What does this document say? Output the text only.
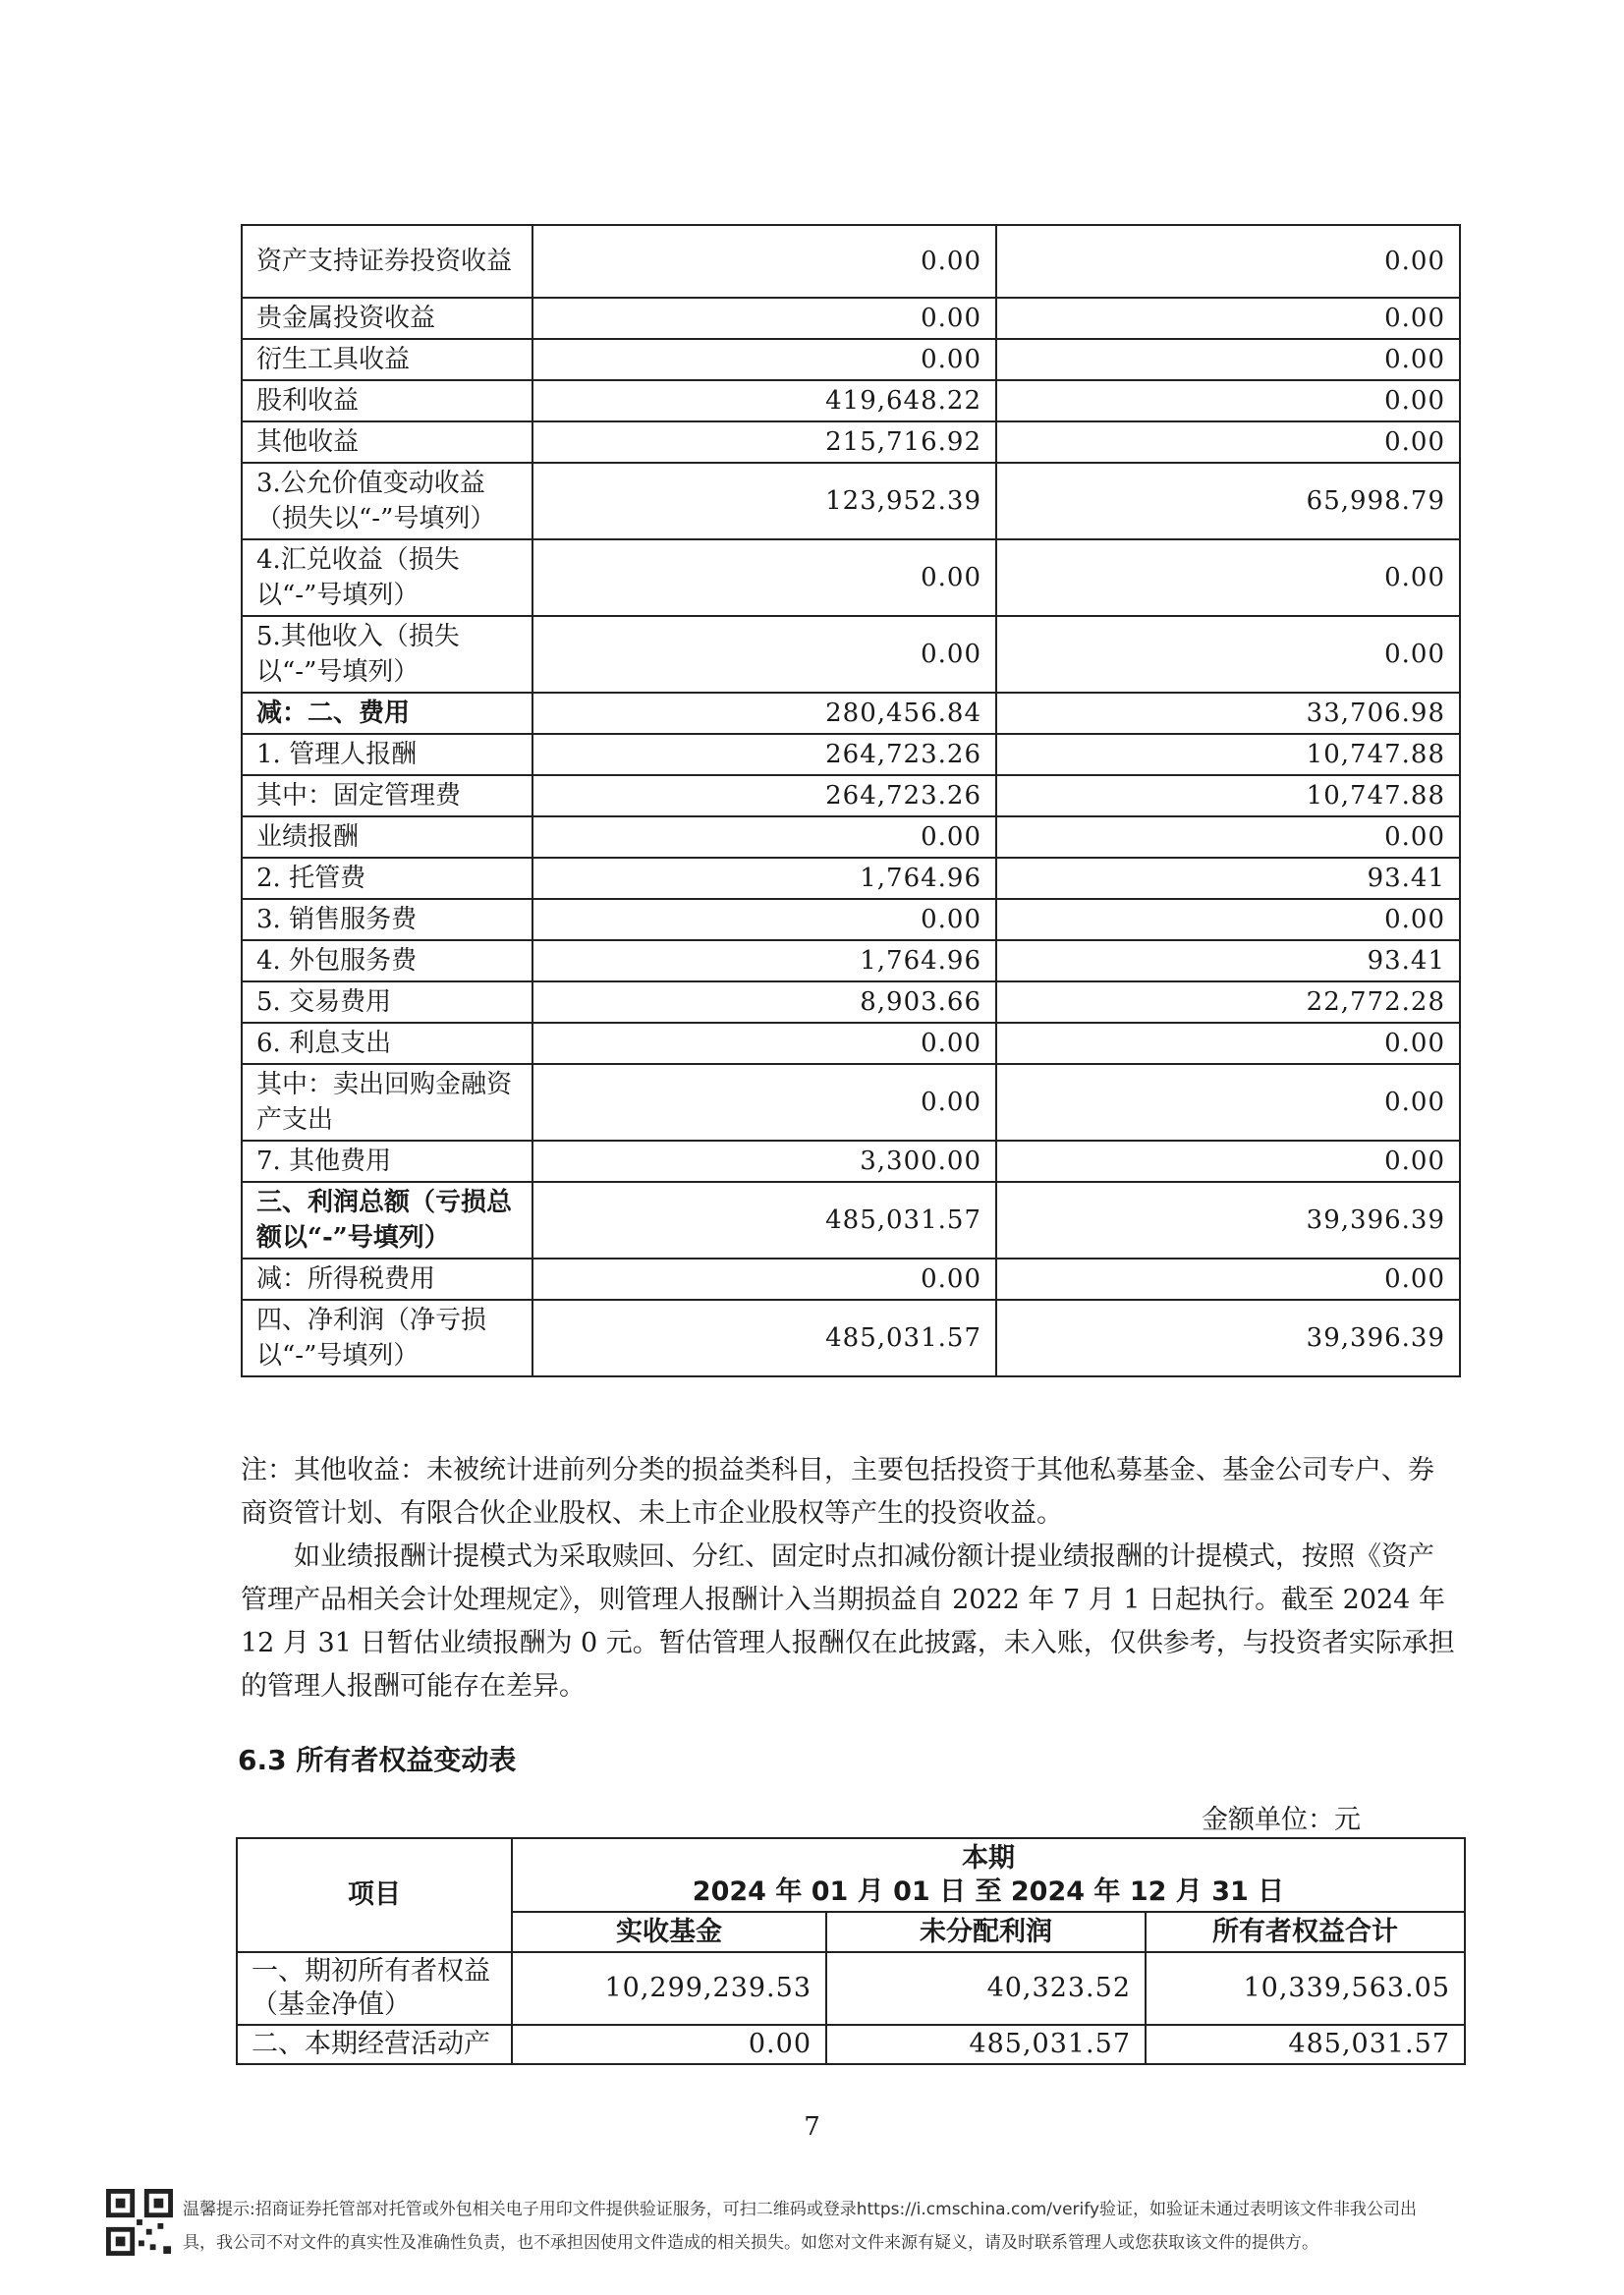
资产支持证券投资收益	0.00	0.00
贵金属投资收益	0.00	0.00
衍生工具收益	0.00	0.00
股利收益	419,648.22	0.00
其他收益	215,716.92	0.00
3.公允价值变动收益（损失以“-”号填列）	123,952.39	65,998.79
4.汇兑收益（损失以“-”号填列）	0.00	0.00
5.其他收入（损失以“-”号填列）	0.00	0.00
减：二、费用	280,456.84	33,706.98
1. 管理人报酬	264,723.26	10,747.88
其中：固定管理费	264,723.26	10,747.88
业绩报酬	0.00	0.00
2. 托管费	1,764.96	93.41
3. 销售服务费	0.00	0.00
4. 外包服务费	1,764.96	93.41
5. 交易费用	8,903.66	22,772.28
6. 利息支出	0.00	0.00
其中：卖出回购金融资产支出	0.00	0.00
7. 其他费用	3,300.00	0.00
三、利润总额（亏损总额以“-”号填列）	485,031.57	39,396.39
减：所得税费用	0.00	0.00
四、净利润（净亏损以“-”号填列）	485,031.57	39,396.39

注：其他收益：未被统计进前列分类的损益类科目，主要包括投资于其他私募基金、基金公司专户、券商资管计划、有限合伙企业股权、未上市企业股权等产生的投资收益。

如业绩报酬计提模式为采取赎回、分红、固定时点扣减份额计提业绩报酬的计提模式，按照《资产管理产品相关会计处理规定》，则管理人报酬计入当期损益自 2022 年 7 月 1 日起执行。截至 2024 年 12 月 31 日暂估业绩报酬为 0 元。暂估管理人报酬仅在此披露，未入账，仅供参考，与投资者实际承担的管理人报酬可能存在差异。

6.3 所有者权益变动表
金额单位：元
项目	本期
2024 年 01 月 01 日 至 2024 年 12 月 31 日		

	实收基金	未分配利润	所有者权益合计
一、期初所有者权益（基金净值）	10,299,239.53	40,323.52	10,339,563.05
二、本期经营活动产	0.00	485,031.57	485,031.57
7

温馨提示:招商证券托管部对托管或外包相关电子用印文件提供验证服务，可扫二维码或登录https://i.cmschina.com/verify验证，如验证未通过表明该文件非我公司出

具，我公司不对文件的真实性及准确性负责，也不承担因使用文件造成的相关损失。如您对文件来源有疑义，请及时联系管理人或您获取该文件的提供方。
